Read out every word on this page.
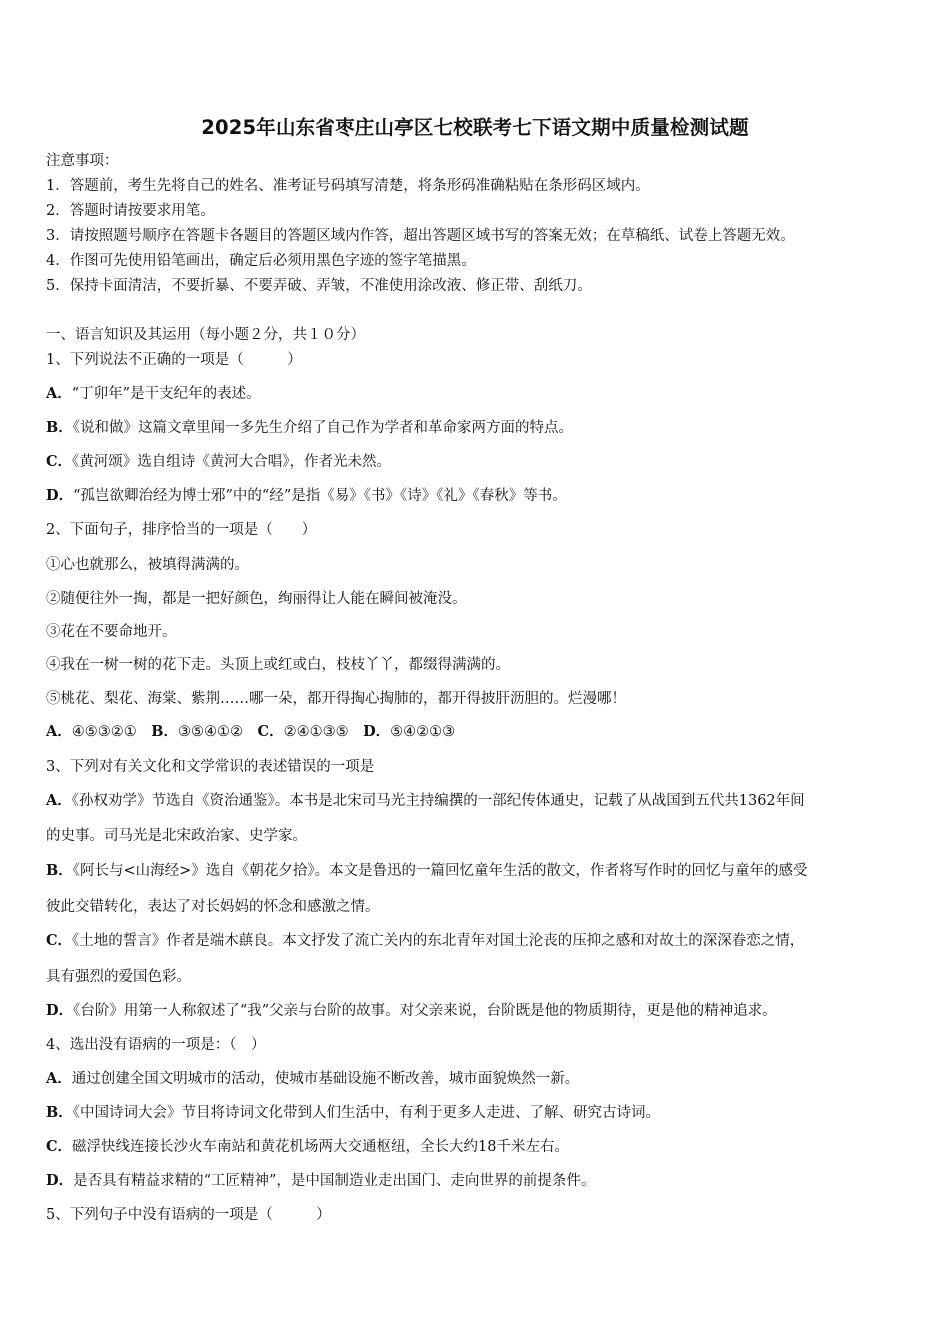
2025年山东省枣庄山亭区七校联考七下语文期中质量检测试题
注意事项：
1．答题前，考生先将自己的姓名、准考证号码填写清楚，将条形码准确粘贴在条形码区域内。
2．答题时请按要求用笔。
3．请按照题号顺序在答题卡各题目的答题区域内作答，超出答题区域书写的答案无效；在草稿纸、试卷上答题无效。
4．作图可先使用铅笔画出，确定后必须用黑色字迹的签字笔描黑。
5．保持卡面清洁，不要折暴、不要弄破、弄皱，不准使用涂改液、修正带、刮纸刀。
一、语言知识及其运用（每小题２分，共１０分）
1、下列说法不正确的一项是（　　　）
A．“丁卯年”是干支纪年的表述。
B．《说和做》这篇文章里闻一多先生介绍了自己作为学者和革命家两方面的特点。
C．《黄河颂》选自组诗《黄河大合唱》，作者光未然。
D．“孤岂欲卿治经为博士邪”中的“经”是指《易》《书》《诗》《礼》《春秋》等书。
2、下面句子，排序恰当的一项是（　　）
①心也就那么，被填得满满的。
②随便往外一掏，都是一把好颜色，绚丽得让人能在瞬间被淹没。
③花在不要命地开。
④我在一树一树的花下走。头顶上或红或白，枝枝丫丫，都缀得满满的。
⑤桃花、梨花、海棠、紫荆……哪一朵，都开得掏心掏肺的，都开得披肝沥胆的。烂漫哪！
A．④⑤③②①　 B．③⑤④①②　 C．②④①③⑤　 D．⑤④②①③
3、下列对有关文化和文学常识的表述错误的一项是
A．《孙权劝学》节选自《资治通鉴》。本书是北宋司马光主持编撰的一部纪传体通史，记载了从战国到五代共1362年间
的史事。司马光是北宋政治家、史学家。
B．《阿长与<山海经>》选自《朝花夕拾》。本文是鲁迅的一篇回忆童年生活的散文，作者将写作时的回忆与童年的感受
彼此交错转化，表达了对长妈妈的怀念和感激之情。
C．《土地的誓言》作者是端木蕻良。本文抒发了流亡关内的东北青年对国土沦丧的压抑之感和对故土的深深眷恋之情，
具有强烈的爱国色彩。
D．《台阶》用第一人称叙述了“我”父亲与台阶的故事。对父亲来说，台阶既是他的物质期待，更是他的精神追求。
4、选出没有语病的一项是：（　）
A．通过创建全国文明城市的活动，使城市基础设施不断改善，城市面貌焕然一新。
B．《中国诗词大会》节目将诗词文化带到人们生活中，有利于更多人走进、了解、研究古诗词。
C．磁浮快线连接长沙火车南站和黄花机场两大交通枢纽，全长大约18千米左右。
D．是否具有精益求精的“工匠精神”，是中国制造业走出国门、走向世界的前提条件。
5、下列句子中没有语病的一项是（　　　）
